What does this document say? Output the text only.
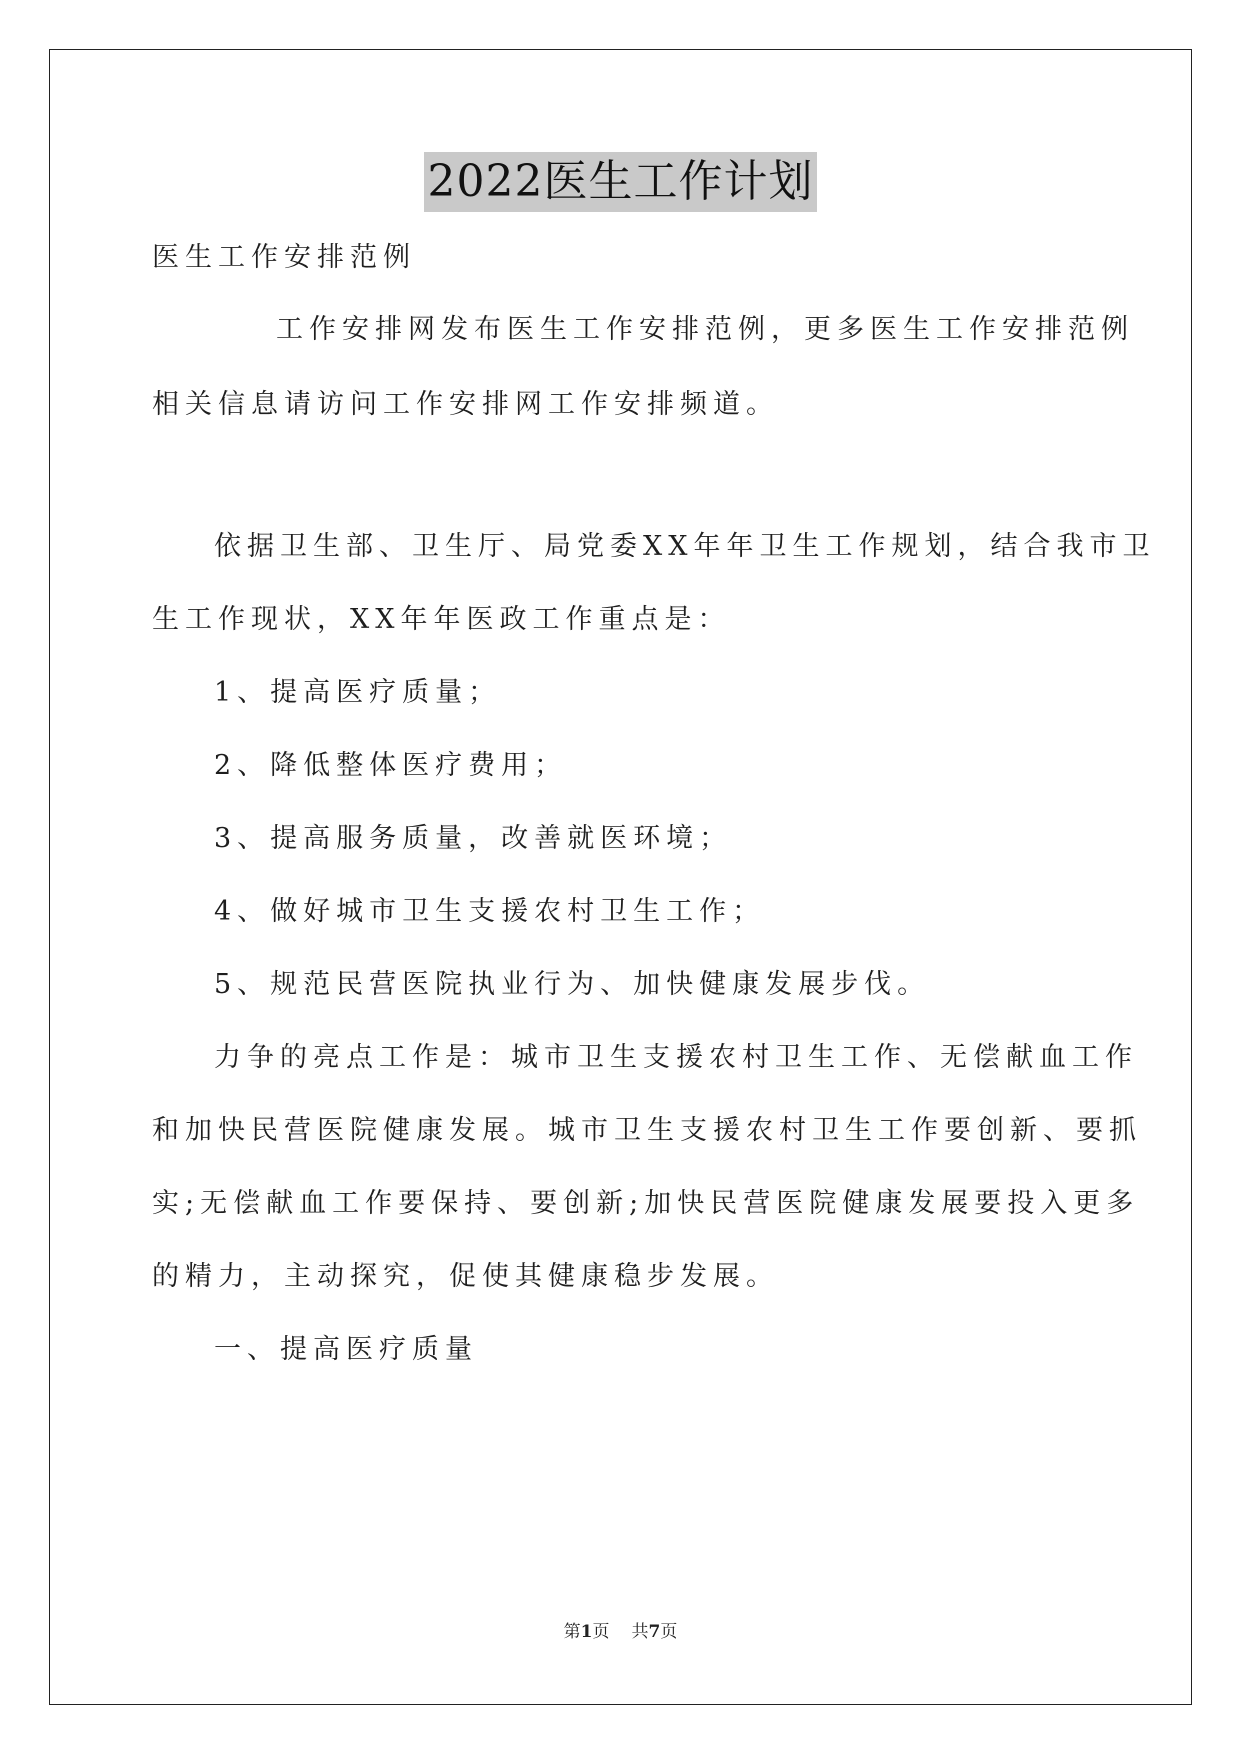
2022医生工作计划

医生工作安排范例

工作安排网发布医生工作安排范例，更多医生工作安排范例

相关信息请访问工作安排网工作安排频道。

依据卫生部、卫生厅、局党委XX年年卫生工作规划，结合我市卫

生工作现状，XX年年医政工作重点是：

1、提高医疗质量；

2、降低整体医疗费用；

3、提高服务质量，改善就医环境；

4、做好城市卫生支援农村卫生工作；

5、规范民营医院执业行为、加快健康发展步伐。

力争的亮点工作是：城市卫生支援农村卫生工作、无偿献血工作

和加快民营医院健康发展。城市卫生支援农村卫生工作要创新、要抓

实;无偿献血工作要保持、要创新;加快民营医院健康发展要投入更多

的精力，主动探究，促使其健康稳步发展。

一、提高医疗质量

第1页 共7页
